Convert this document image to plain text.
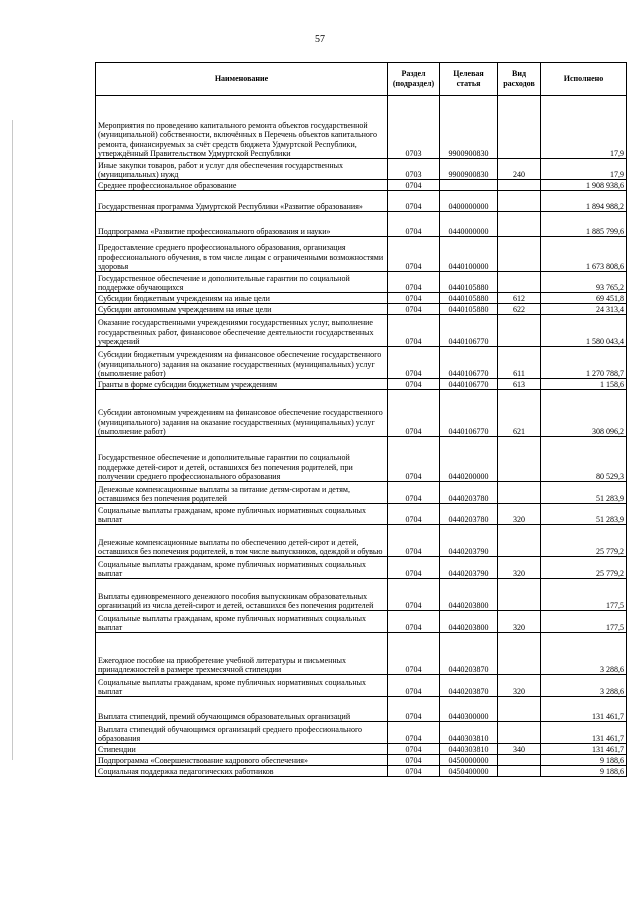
57
Наименование	Раздел (подраздел)	Целевая статья	Вид расходов	Исполнено
Мероприятия по проведению капитального ремонта объектов государственной (муниципальной) собственности, включённых в Перечень объектов капитального ремонта, финансируемых за счёт средств бюджета Удмуртской Республики, утверждённый Правительством Удмуртской Республики	0703	9900900830		17,9
Иные закупки товаров, работ и услуг для обеспечения государственных (муниципальных) нужд	0703	9900900830	240	17,9
Среднее профессиональное образование	0704			1 908 938,6
Государственная программа Удмуртской Республики «Развитие образования»	0704	0400000000		1 894 988,2
Подпрограмма «Развитие профессионального образования и науки»	0704	0440000000		1 885 799,6
Предоставление среднего профессионального образования, организация профессионального обучения, в том числе лицам с ограниченными возможностями здоровья	0704	0440100000		1 673 808,6
Государственное обеспечение и дополнительные гарантии по социальной поддержке обучающихся	0704	0440105880		93 765,2
Субсидии бюджетным учреждениям на иные цели	0704	0440105880	612	69 451,8
Субсидии автономным учреждениям на иные цели	0704	0440105880	622	24 313,4
Оказание государственными учреждениями государственных услуг, выполнение государственных работ, финансовое обеспечение деятельности государственных учреждений	0704	0440106770		1 580 043,4
Субсидии бюджетным учреждениям на финансовое обеспечение государственного (муниципального) задания на оказание государственных (муниципальных) услуг (выполнение работ)	0704	0440106770	611	1 270 788,7
Гранты в форме субсидии бюджетным учреждениям	0704	0440106770	613	1 158,6
Субсидии автономным учреждениям на финансовое обеспечение государственного (муниципального) задания на оказание государственных (муниципальных) услуг (выполнение работ)	0704	0440106770	621	308 096,2
Государственное обеспечение и дополнительные гарантии по социальной поддержке детей-сирот и детей, оставшихся без попечения родителей, при получении среднего профессионального образования	0704	0440200000		80 529,3
Денежные компенсационные выплаты за питание детям-сиротам и детям, оставшимся без попечения родителей	0704	0440203780		51 283,9
Социальные выплаты гражданам, кроме публичных нормативных социальных выплат	0704	0440203780	320	51 283,9
Денежные компенсационные выплаты по обеспечению детей-сирот и детей, оставшихся без попечения родителей, в том числе выпускников, одеждой и обувью	0704	0440203790		25 779,2
Социальные выплаты гражданам, кроме публичных нормативных социальных выплат	0704	0440203790	320	25 779,2
Выплаты единовременного денежного пособия выпускникам образовательных организаций из числа детей-сирот и детей, оставшихся без попечения родителей	0704	0440203800		177,5
Социальные выплаты гражданам, кроме публичных нормативных социальных выплат	0704	0440203800	320	177,5
Ежегодное пособие на приобретение учебной литературы и письменных принадлежностей в размере трехмесячной стипендии	0704	0440203870		3 288,6
Социальные выплаты гражданам, кроме публичных нормативных социальных выплат	0704	0440203870	320	3 288,6
Выплата стипендий, премий обучающимся образовательных организаций	0704	0440300000		131 461,7
Выплата стипендий обучающимся организаций среднего профессионального образования	0704	0440303810		131 461,7
Стипендии	0704	0440303810	340	131 461,7
Подпрограмма «Совершенствование кадрового обеспечения»	0704	0450000000		9 188,6
Социальная поддержка педагогических работников	0704	0450400000		9 188,6
